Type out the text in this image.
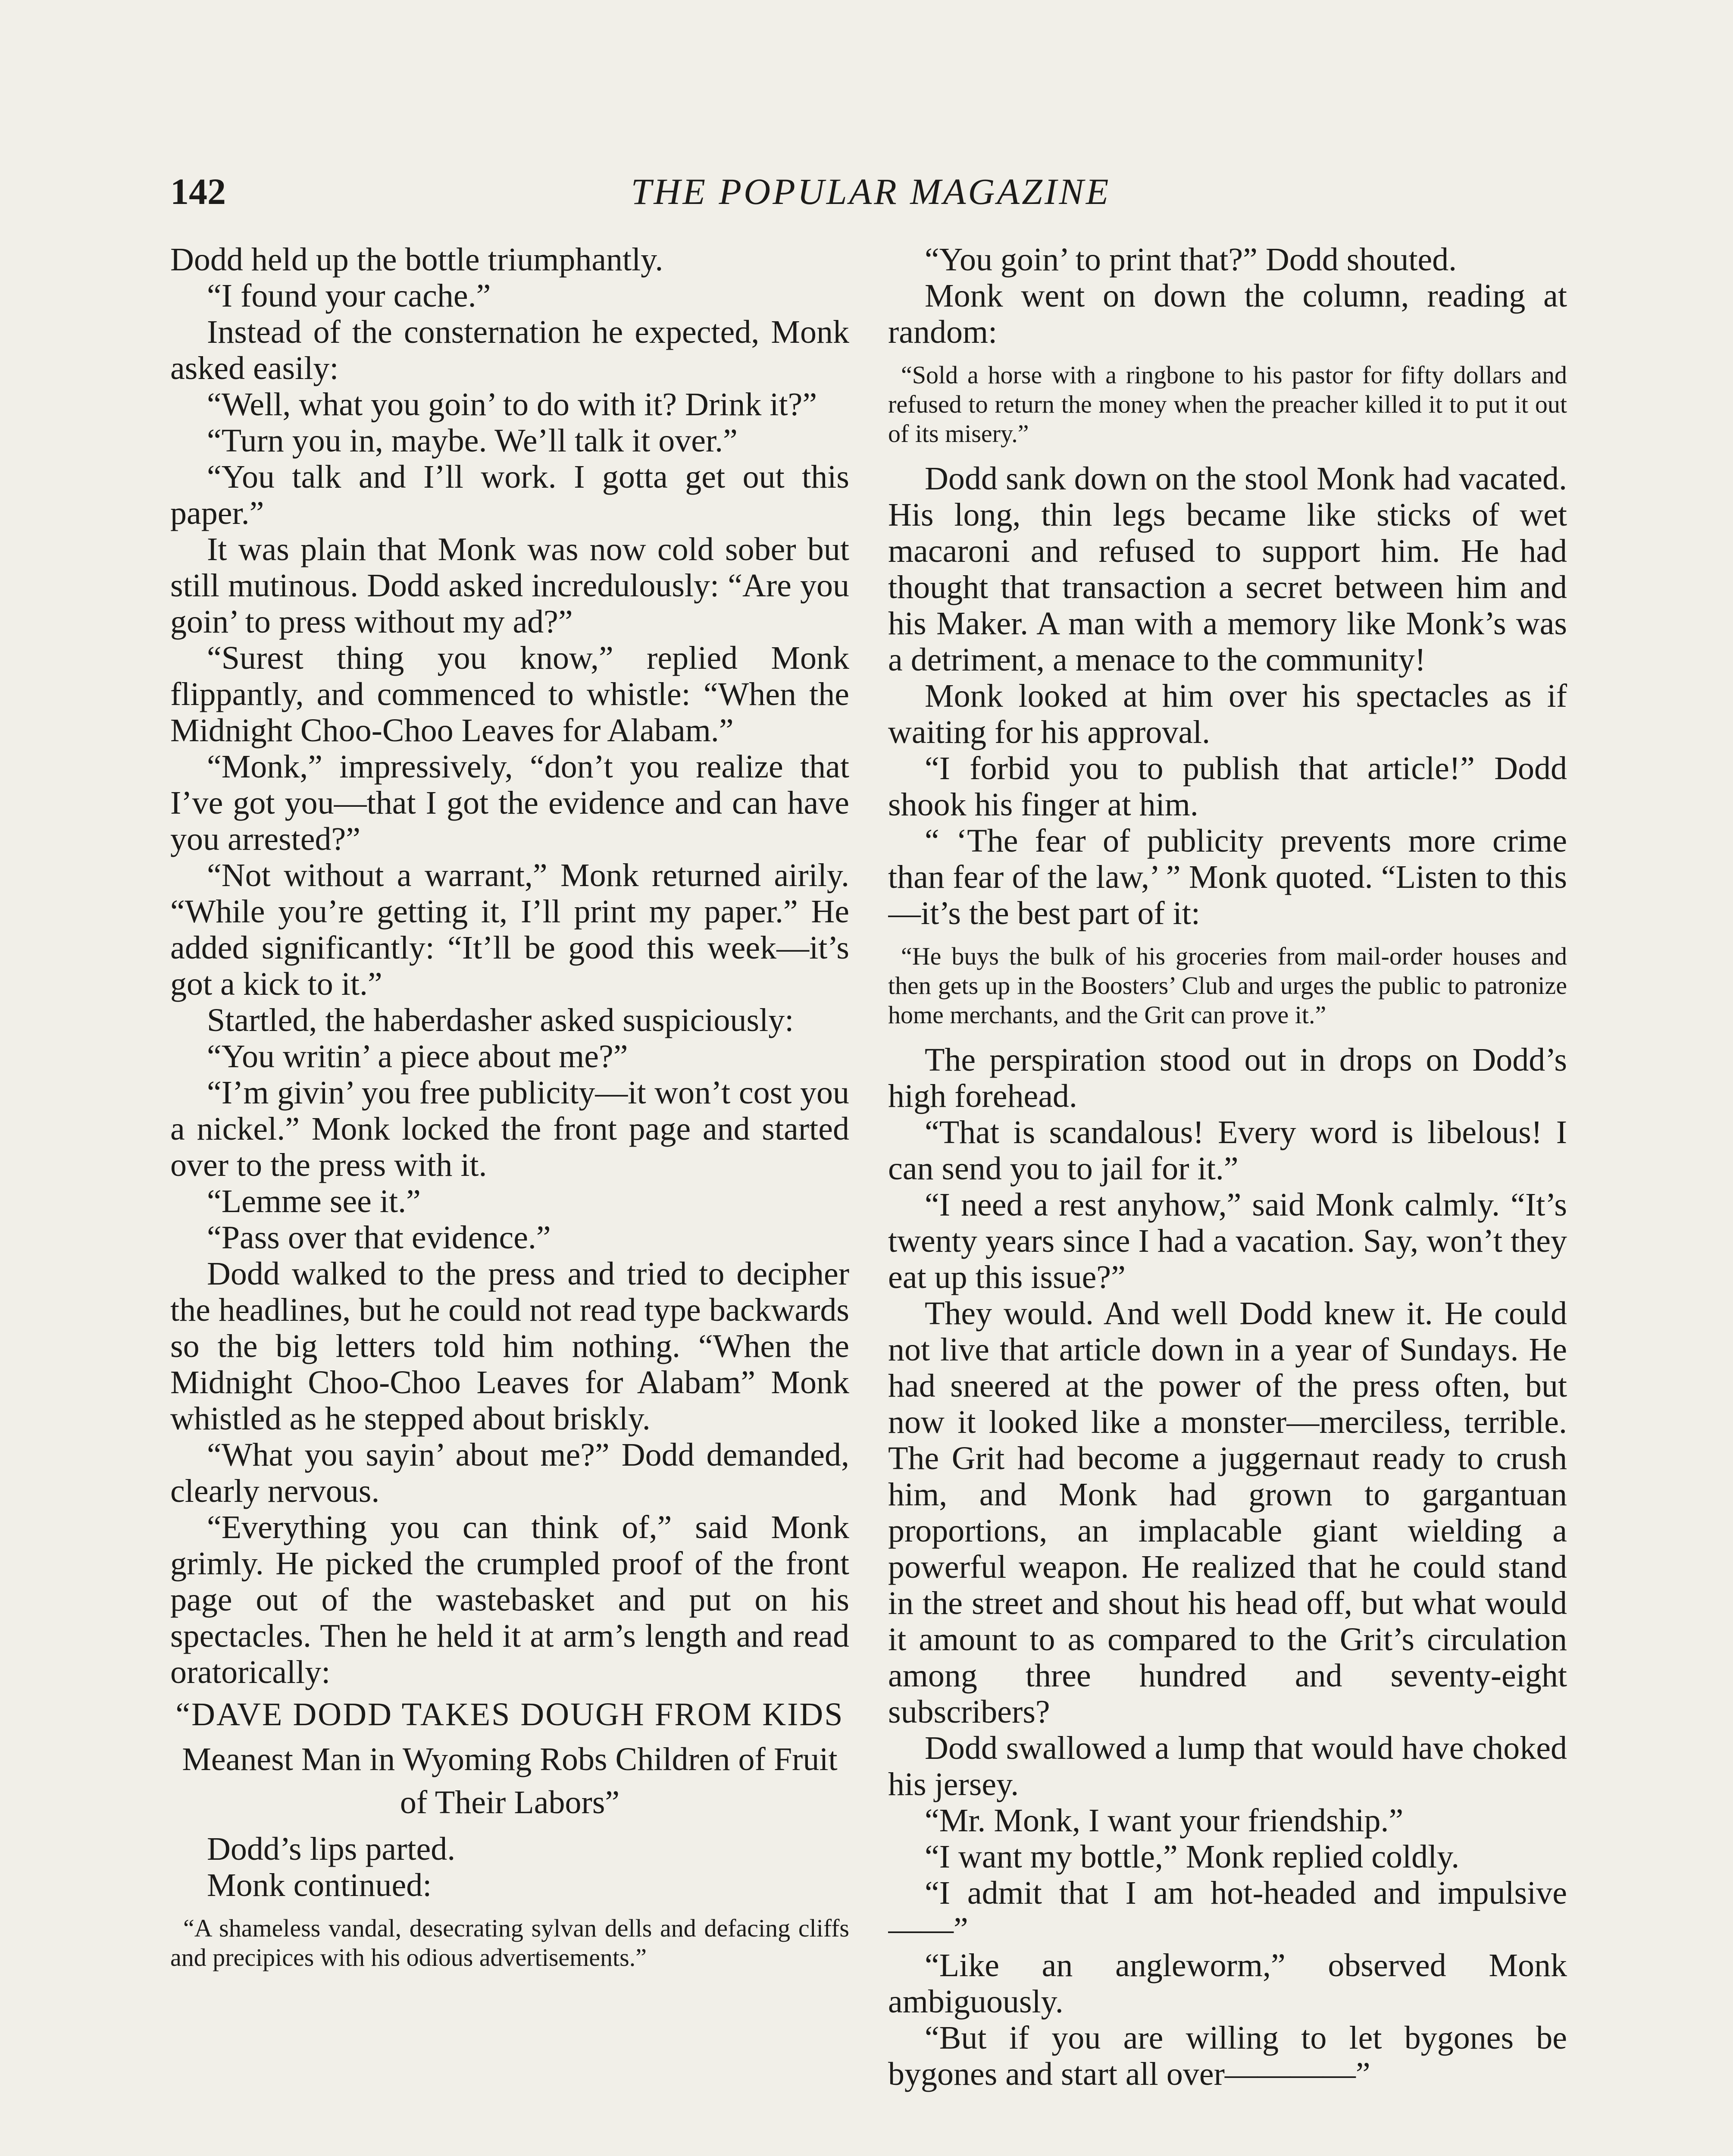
142	THE POPULAR MAGAZINE

Dodd held up the bottle triumphantly.

“I found your cache.”

Instead of the consternation he expected, Monk asked easily:

“Well, what you goin’ to do with it? Drink it?”

“Turn you in, maybe. We’ll talk it over.”

“You talk and I’ll work. I gotta get out this paper.”

It was plain that Monk was now cold sober but still mutinous. Dodd asked incredulously: “Are you goin’ to press without my ad?”

“Surest thing you know,” replied Monk flippantly, and commenced to whistle: “When the Midnight Choo-Choo Leaves for Alabam.”

“Monk,” impressively, “don’t you realize that I’ve got you—that I got the evidence and can have you arrested?”

“Not without a warrant,” Monk returned airily. “While you’re getting it, I’ll print my paper.” He added significantly: “It’ll be good this week—it’s got a kick to it.”

Startled, the haberdasher asked suspiciously:

“You writin’ a piece about me?”

“I’m givin’ you free publicity—it won’t cost you a nickel.” Monk locked the front page and started over to the press with it.

“Lemme see it.”

“Pass over that evidence.”

Dodd walked to the press and tried to decipher the headlines, but he could not read type backwards so the big letters told him nothing. “When the Midnight Choo-Choo Leaves for Alabam” Monk whistled as he stepped about briskly.

“What you sayin’ about me?” Dodd demanded, clearly nervous.

“Everything you can think of,” said Monk grimly. He picked the crumpled proof of the front page out of the wastebasket and put on his spectacles. Then he held it at arm’s length and read oratorically:

“DAVE DODD TAKES DOUGH FROM KIDS

Meanest Man in Wyoming Robs Children of Fruit of Their Labors”

Dodd’s lips parted.

Monk continued:

“A shameless vandal, desecrating sylvan dells and defacing cliffs and precipices with his odious advertisements.”

“You goin’ to print that?” Dodd shouted.

Monk went on down the column, reading at random:

“Sold a horse with a ringbone to his pastor for fifty dollars and refused to return the money when the preacher killed it to put it out of its misery.”

Dodd sank down on the stool Monk had vacated. His long, thin legs became like sticks of wet macaroni and refused to support him. He had thought that transaction a secret between him and his Maker. A man with a memory like Monk’s was a detriment, a menace to the community!

Monk looked at him over his spectacles as if waiting for his approval.

“I forbid you to publish that article!” Dodd shook his finger at him.

“ ‘The fear of publicity prevents more crime than fear of the law,’ ” Monk quoted. “Listen to this—it’s the best part of it:

“He buys the bulk of his groceries from mail-order houses and then gets up in the Boosters’ Club and urges the public to patronize home merchants, and the Grit can prove it.”

The perspiration stood out in drops on Dodd’s high forehead.

“That is scandalous! Every word is libelous! I can send you to jail for it.”

“I need a rest anyhow,” said Monk calmly. “It’s twenty years since I had a vacation. Say, won’t they eat up this issue?”

They would. And well Dodd knew it. He could not live that article down in a year of Sundays. He had sneered at the power of the press often, but now it looked like a monster—merciless, terrible. The Grit had become a juggernaut ready to crush him, and Monk had grown to gargantuan proportions, an implacable giant wielding a powerful weapon. He realized that he could stand in the street and shout his head off, but what would it amount to as compared to the Grit’s circulation among three hundred and seventy-eight subscribers?

Dodd swallowed a lump that would have choked his jersey.

“Mr. Monk, I want your friendship.”

“I want my bottle,” Monk replied coldly.

“I admit that I am hot-headed and impulsive——”

“Like an angleworm,” observed Monk ambiguously.

“But if you are willing to let bygones be bygones and start all over————”
